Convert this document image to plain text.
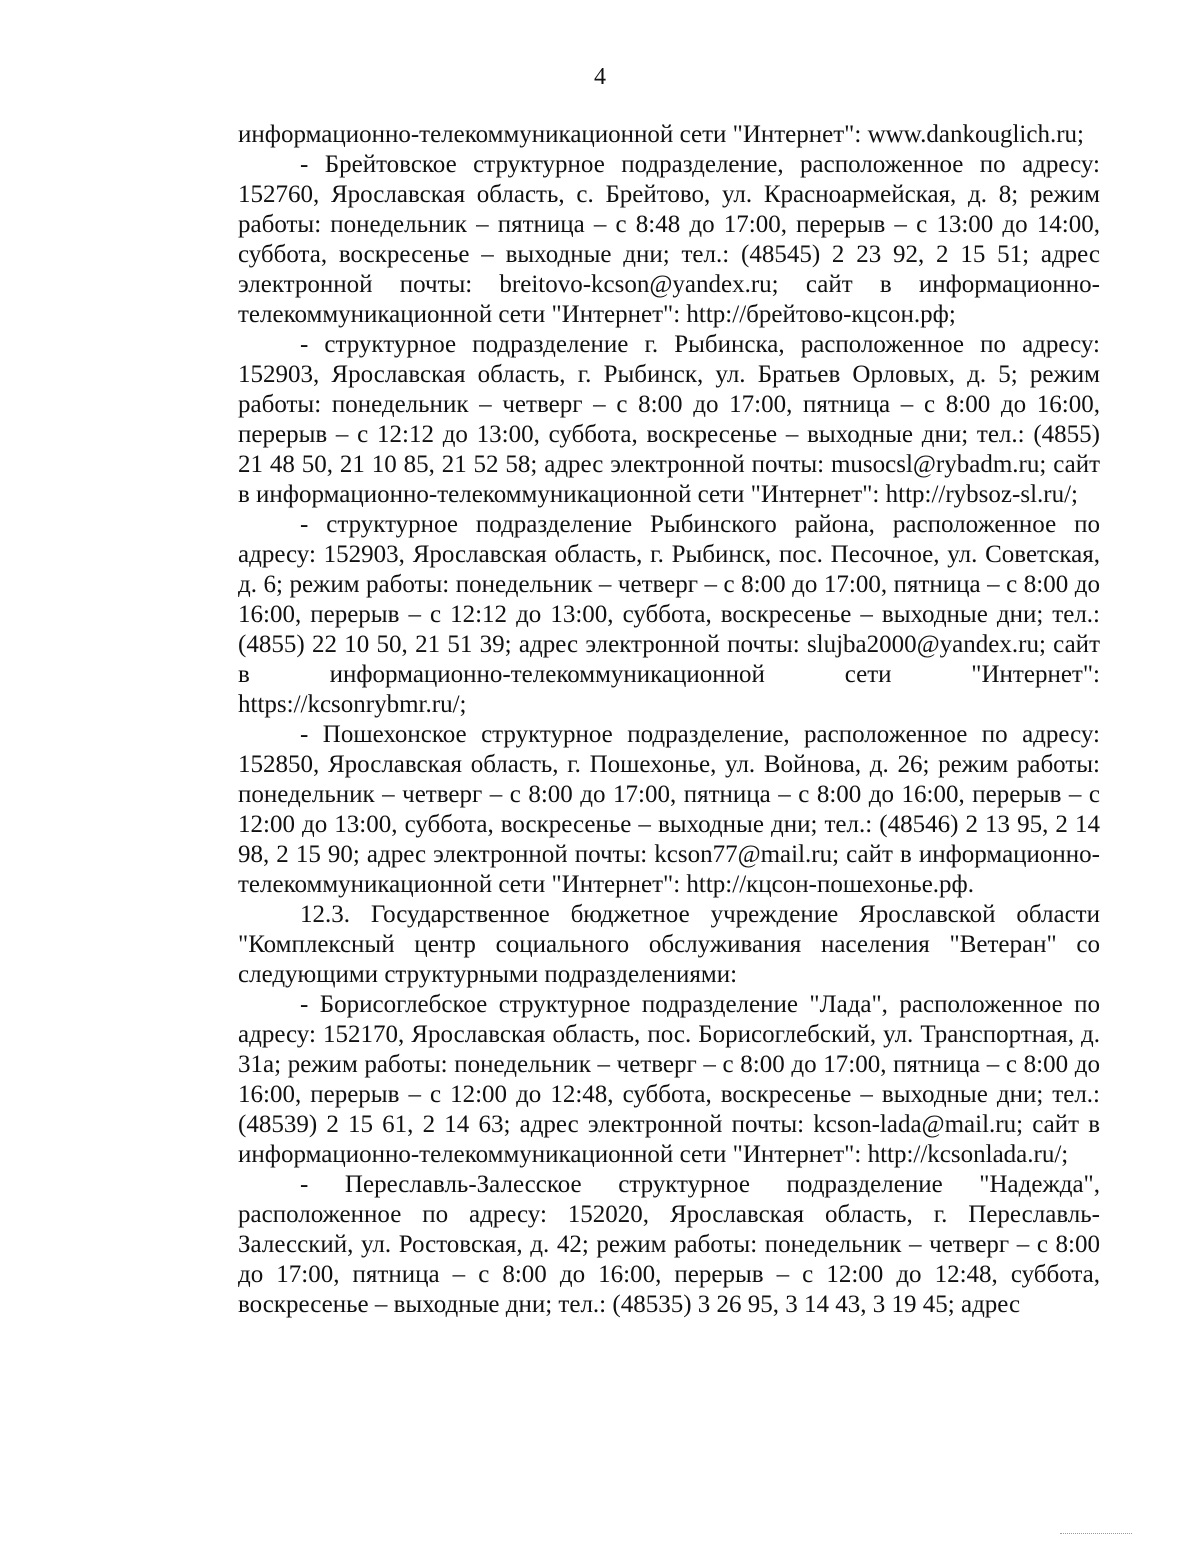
4

информационно-телекоммуникационной сети "Интернет": www.dankouglich.ru;

- Брейтовское структурное подразделение, расположенное по адресу: 152760, Ярославская область, с. Брейтово, ул. Красноармейская, д. 8; режим работы: понедельник – пятница – с 8:48 до 17:00, перерыв – с 13:00 до 14:00, суббота, воскресенье – выходные дни; тел.: (48545) 2 23 92, 2 15 51; адрес электронной почты: breitovo-kcson@yandex.ru; сайт в информационно-телекоммуникационной сети "Интернет": http://брейтово-кцсон.рф;

- структурное подразделение г. Рыбинска, расположенное по адресу: 152903, Ярославская область, г. Рыбинск, ул. Братьев Орловых, д. 5; режим работы: понедельник – четверг – с 8:00 до 17:00, пятница – с 8:00 до 16:00, перерыв – с 12:12 до 13:00, суббота, воскресенье – выходные дни; тел.: (4855) 21 48 50, 21 10 85, 21 52 58; адрес электронной почты: musocsl@rybadm.ru; сайт в информационно-телекоммуникационной сети "Интернет": http://rybsoz-sl.ru/;

- структурное подразделение Рыбинского района, расположенное по адресу: 152903, Ярославская область, г. Рыбинск, пос. Песочное, ул. Советская, д. 6; режим работы: понедельник – четверг – с 8:00 до 17:00, пятница – с 8:00 до 16:00, перерыв – с 12:12 до 13:00, суббота, воскресенье – выходные дни; тел.: (4855) 22 10 50, 21 51 39; адрес электронной почты: slujba2000@yandex.ru; сайт в информационно-телекоммуникационной сети "Интернет": https://kcsonrybmr.ru/;

- Пошехонское структурное подразделение, расположенное по адресу: 152850, Ярославская область, г. Пошехонье, ул. Войнова, д. 26; режим работы: понедельник – четверг – с 8:00 до 17:00, пятница – с 8:00 до 16:00, перерыв – с 12:00 до 13:00, суббота, воскресенье – выходные дни; тел.: (48546) 2 13 95, 2 14 98, 2 15 90; адрес электронной почты: kcson77@mail.ru; сайт в информационно-телекоммуникационной сети "Интернет": http://кцсон-пошехонье.рф.

12.3. Государственное бюджетное учреждение Ярославской области "Комплексный центр социального обслуживания населения "Ветеран" со следующими структурными подразделениями:

- Борисоглебское структурное подразделение "Лада", расположенное по адресу: 152170, Ярославская область, пос. Борисоглебский, ул. Транспортная, д. 31а; режим работы: понедельник – четверг – с 8:00 до 17:00, пятница – с 8:00 до 16:00, перерыв – с 12:00 до 12:48, суббота, воскресенье – выходные дни; тел.: (48539) 2 15 61, 2 14 63; адрес электронной почты: kcson-lada@mail.ru; сайт в информационно-телекоммуникационной сети "Интернет": http://kcsonlada.ru/;

- Переславль-Залесское структурное подразделение "Надежда", расположенное по адресу: 152020, Ярославская область, г. Переславль-Залесский, ул. Ростовская, д. 42; режим работы: понедельник – четверг – с 8:00 до 17:00, пятница – с 8:00 до 16:00, перерыв – с 12:00 до 12:48, суббота, воскресенье – выходные дни; тел.: (48535) 3 26 95, 3 14 43, 3 19 45; адрес
